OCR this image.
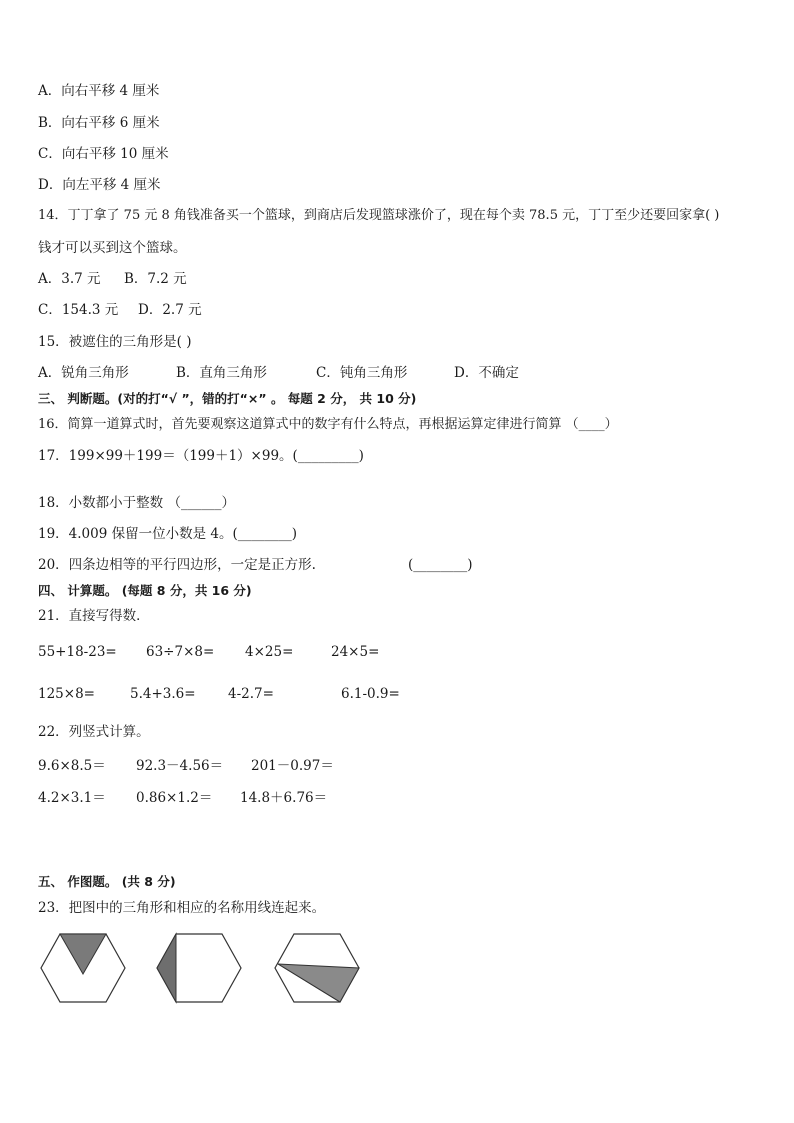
A．向右平移 4 厘米
B．向右平移 6 厘米
C．向右平移 10 厘米
D．向左平移 4 厘米
14．丁丁拿了 75 元 8 角钱准备买一个篮球，到商店后发现篮球涨价了，现在每个卖 78.5 元，丁丁至少还要回家拿( )
钱才可以买到这个篮球。
A．3.7 元 B．7.2 元
C．154.3 元 D．2.7 元
15．被遮住的三角形是( )
A．锐角三角形	B．直角三角形	C．钝角三角形	D．不确定
三、 判断题。(对的打“√ ”，错的打“×” 。 每题 2 分， 共 10 分)
16．简算一道算式时，首先要观察这道算式中的数字有什么特点，再根据运算定律进行简算 （____）
17．199×99＋199＝（199＋1）×99。(_________)
18．小数都小于整数 （______）
19．4.009 保留一位小数是 4。(________)
20．四条边相等的平行四边形，一定是正方形.	(________)
四、 计算题。 (每题 8 分，共 16 分)
21．直接写得数．
55+18-23= 63÷7×8= 4×25=	24×5=
125×8=	5.4+3.6= 4-2.7=	6.1-0.9=
22．列竖式计算。
9.6×8.5＝ 92.3－4.56＝ 201－0.97＝
4.2×3.1＝ 0.86×1.2＝ 14.8＋6.76＝
五、 作图题。 (共 8 分)
23．把图中的三角形和相应的名称用线连起来。
